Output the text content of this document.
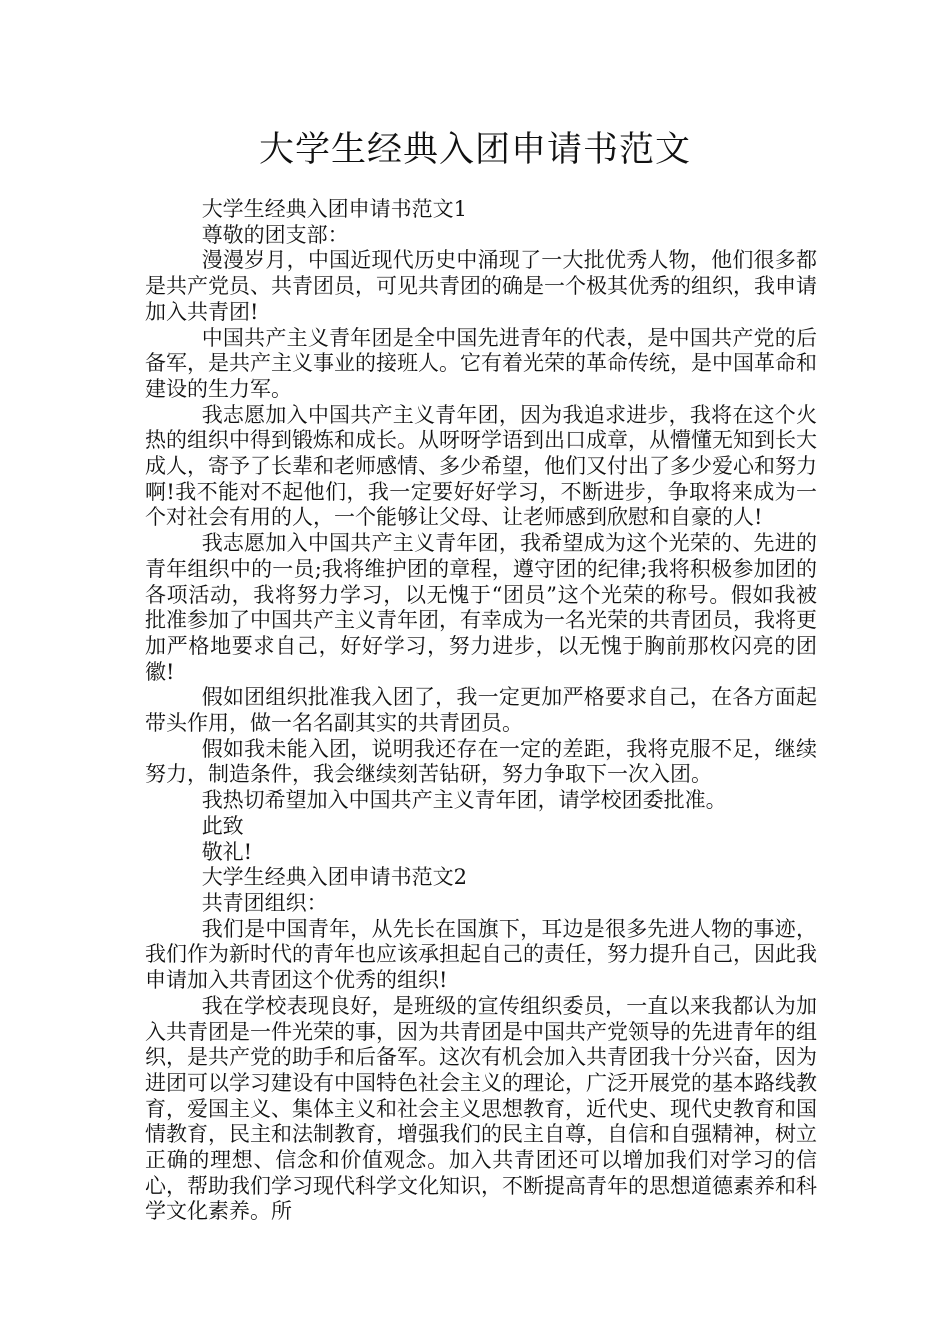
大学生经典入团申请书范文

大学生经典入团申请书范文1

尊敬的团支部：

漫漫岁月，中国近现代历史中涌现了一大批优秀人物，他们很多都是共产党员、共青团员，可见共青团的确是一个极其优秀的组织，我申请加入共青团!

中国共产主义青年团是全中国先进青年的代表，是中国共产党的后备军，是共产主义事业的接班人。它有着光荣的革命传统，是中国革命和建设的生力军。

我志愿加入中国共产主义青年团，因为我追求进步，我将在这个火热的组织中得到锻炼和成长。从呀呀学语到出口成章，从懵懂无知到长大成人，寄予了长辈和老师感情、多少希望，他们又付出了多少爱心和努力啊!我不能对不起他们，我一定要好好学习，不断进步，争取将来成为一个对社会有用的人，一个能够让父母、让老师感到欣慰和自豪的人!

我志愿加入中国共产主义青年团，我希望成为这个光荣的、先进的青年组织中的一员;我将维护团的章程，遵守团的纪律;我将积极参加团的各项活动，我将努力学习，以无愧于“团员”这个光荣的称号。假如我被批准参加了中国共产主义青年团，有幸成为一名光荣的共青团员，我将更加严格地要求自己，好好学习，努力进步，以无愧于胸前那枚闪亮的团徽!

假如团组织批准我入团了，我一定更加严格要求自己，在各方面起带头作用，做一名名副其实的共青团员。

假如我未能入团，说明我还存在一定的差距，我将克服不足，继续努力，制造条件，我会继续刻苦钻研，努力争取下一次入团。

我热切希望加入中国共产主义青年团，请学校团委批准。

此致

敬礼!

大学生经典入团申请书范文2

共青团组织：

我们是中国青年，从先长在国旗下，耳边是很多先进人物的事迹，我们作为新时代的青年也应该承担起自己的责任，努力提升自己，因此我申请加入共青团这个优秀的组织!

我在学校表现良好，是班级的宣传组织委员，一直以来我都认为加入共青团是一件光荣的事，因为共青团是中国共产党领导的先进青年的组织，是共产党的助手和后备军。这次有机会加入共青团我十分兴奋，因为进团可以学习建设有中国特色社会主义的理论，广泛开展党的基本路线教育，爱国主义、集体主义和社会主义思想教育，近代史、现代史教育和国情教育，民主和法制教育，增强我们的民主自尊，自信和自强精神，树立正确的理想、信念和价值观念。加入共青团还可以增加我们对学习的信心，帮助我们学习现代科学文化知识，不断提高青年的思想道德素养和科学文化素养。所
